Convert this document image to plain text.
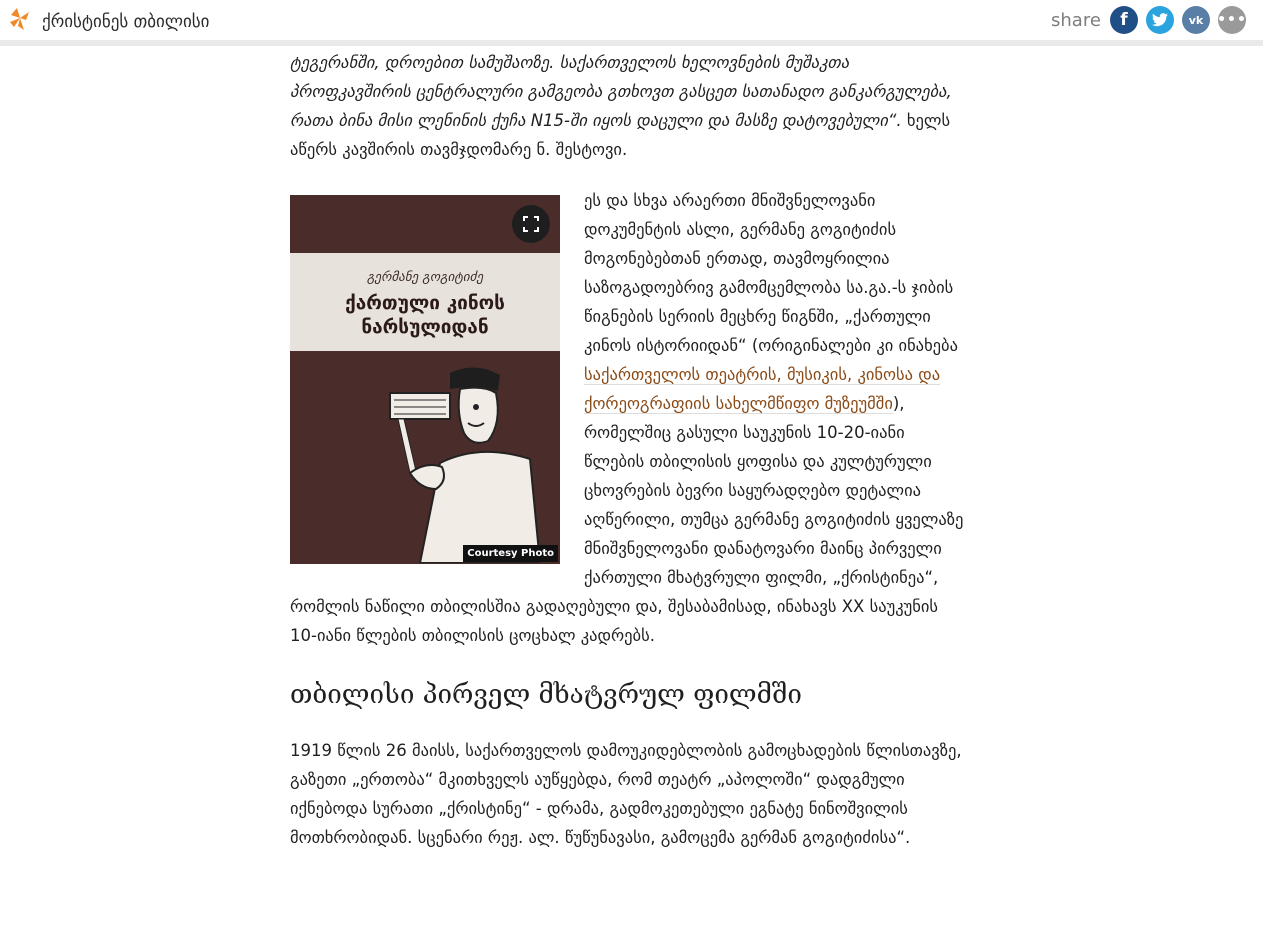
ქრისტინეს თბილისი	share f	vk •••

ტეგერანში, დროებით სამუშაოზე. საქართველოს ხელოვნების მუშაკთა პროფკავშირის ცენტრალური გამგეობა გთხოვთ გასცეთ სათანადო განკარგულება, რათა ბინა მისი ლენინის ქუჩა N15-ში იყოს დაცული და მასზე დატოვებული“. ხელს აწერს კავშირის თავმჯდომარე ნ. შესტოვი.

გერმანე გოგიტიძე
ქართული კინოს
ნარსულიდან
Courtesy Photo

ეს და სხვა არაერთი მნიშვნელოვანი დოკუმენტის ასლი, გერმანე გოგიტიძის მოგონებებთან ერთად, თავმოყრილია საზოგადოებრივ გამომცემლობა სა.გა.-ს ჯიბის წიგნების სერიის მეცხრე წიგნში, „ქართული კინოს ისტორიიდან“ (ორიგინალები კი ინახება საქართველოს თეატრის, მუსიკის, კინოსა და ქორეოგრაფიის სახელმწიფო მუზეუმში), რომელშიც გასული საუკუნის 10-20-იანი წლების თბილისის ყოფისა და კულტურული ცხოვრების ბევრი საყურადღებო დეტალია აღწერილი, თუმცა გერმანე გოგიტიძის ყველაზე მნიშვნელოვანი დანატოვარი მაინც პირველი ქართული მხატვრული ფილმი, „ქრისტინეა“, რომლის ნაწილი თბილისშია გადაღებული და, შესაბამისად, ინახავს XX საუკუნის 10-იანი წლების თბილისის ცოცხალ კადრებს.

თბილისი პირველ მხატვრულ ფილმში

1919 წლის 26 მაისს, საქართველოს დამოუკიდებლობის გამოცხადების წლისთავზე, გაზეთი „ერთობა“ მკითხველს აუწყებდა, რომ თეატრ „აპოლოში“ დადგმული იქნებოდა სურათი „ქრისტინე“ - დრამა, გადმოკეთებული ეგნატე ნინოშვილის მოთხრობიდან. სცენარი რეჟ. ალ. წუწუნავასი, გამოცემა გერმან გოგიტიძისა“.
